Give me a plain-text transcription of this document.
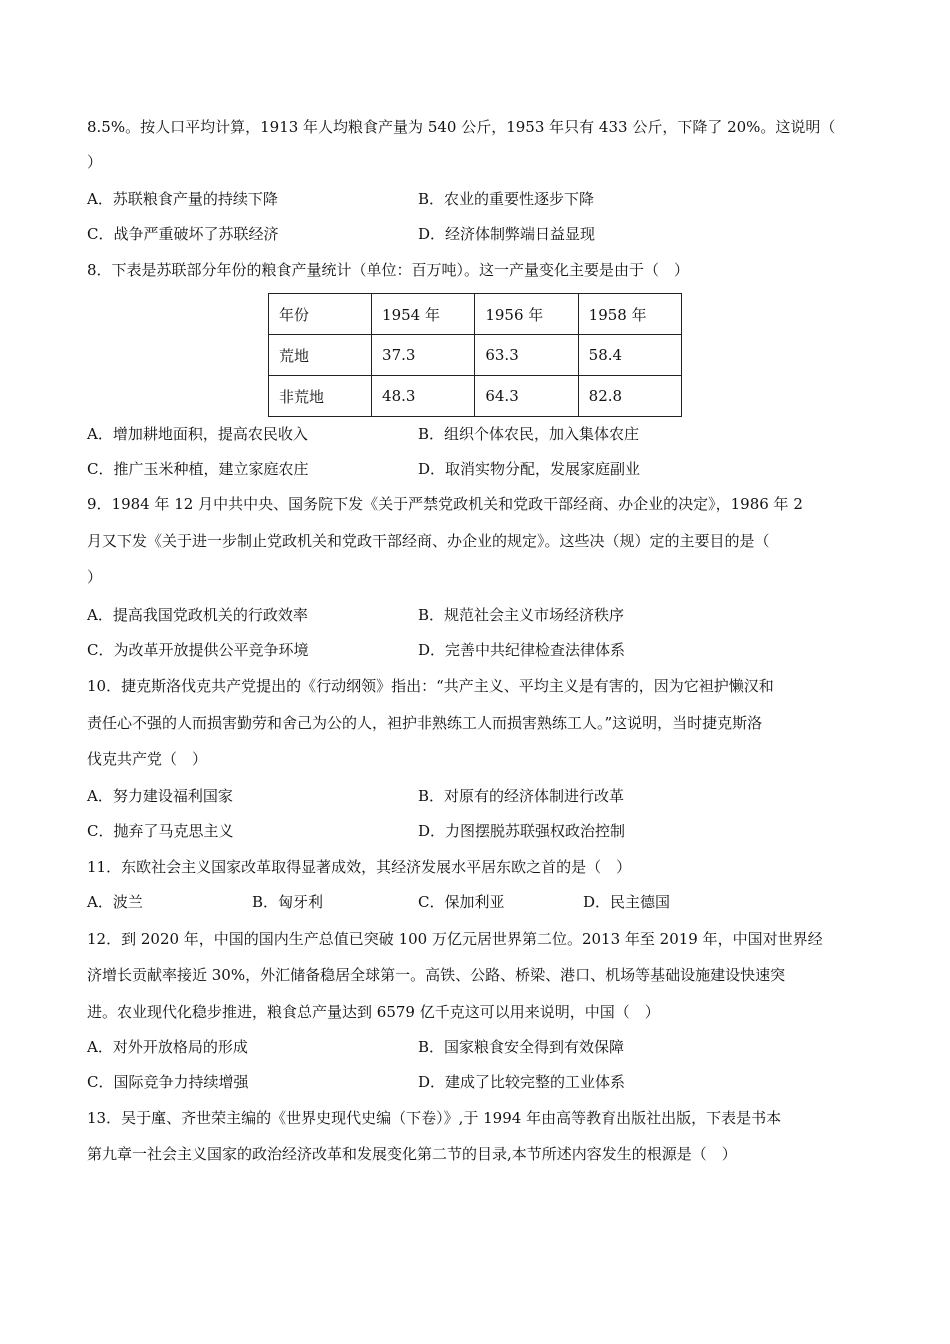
8.5%。按人口平均计算，1913 年人均粮食产量为 540 公斤，1953 年只有 433 公斤，下降了 20%。这说明（
）
A．苏联粮食产量的持续下降	B．农业的重要性逐步下降
C．战争严重破坏了苏联经济	D．经济体制弊端日益显现
8．下表是苏联部分年份的粮食产量统计（单位：百万吨）。这一产量变化主要是由于（　）
年份	1954 年	1956 年	1958 年
荒地	37.3	63.3	58.4
非荒地	48.3	64.3	82.8
A．增加耕地面积，提高农民收入	B．组织个体农民，加入集体农庄
C．推广玉米种植，建立家庭农庄	D．取消实物分配，发展家庭副业
9．1984 年 12 月中共中央、国务院下发《关于严禁党政机关和党政干部经商、办企业的决定》，1986 年 2
月又下发《关于进一步制止党政机关和党政干部经商、办企业的规定》。这些决（规）定的主要目的是（
）
A．提高我国党政机关的行政效率	B．规范社会主义市场经济秩序
C．为改革开放提供公平竞争环境	D．完善中共纪律检查法律体系
10．捷克斯洛伐克共产党提出的《行动纲领》指出：“共产主义、平均主义是有害的，因为它袒护懒汉和
责任心不强的人而损害勤劳和舍己为公的人，袒护非熟练工人而损害熟练工人。”这说明，当时捷克斯洛
伐克共产党（　）
A．努力建设福利国家	B．对原有的经济体制进行改革
C．抛弃了马克思主义	D．力图摆脱苏联强权政治控制
11．东欧社会主义国家改革取得显著成效，其经济发展水平居东欧之首的是（　）
A．波兰	B．匈牙利	C．保加利亚	D．民主德国
12．到 2020 年，中国的国内生产总值已突破 100 万亿元居世界第二位。2013 年至 2019 年，中国对世界经
济增长贡献率接近 30%，外汇储备稳居全球第一。高铁、公路、桥梁、港口、机场等基础设施建设快速突
进。农业现代化稳步推进，粮食总产量达到 6579 亿千克这可以用来说明，中国（　）
A．对外开放格局的形成	B．国家粮食安全得到有效保障
C．国际竞争力持续增强	D．建成了比较完整的工业体系
13．吴于廑、齐世荣主编的《世界史现代史编（下卷）》,于 1994 年由高等教育出版社出版，下表是书本
第九章一社会主义国家的政治经济改革和发展变化第二节的目录,本节所述内容发生的根源是（　）
